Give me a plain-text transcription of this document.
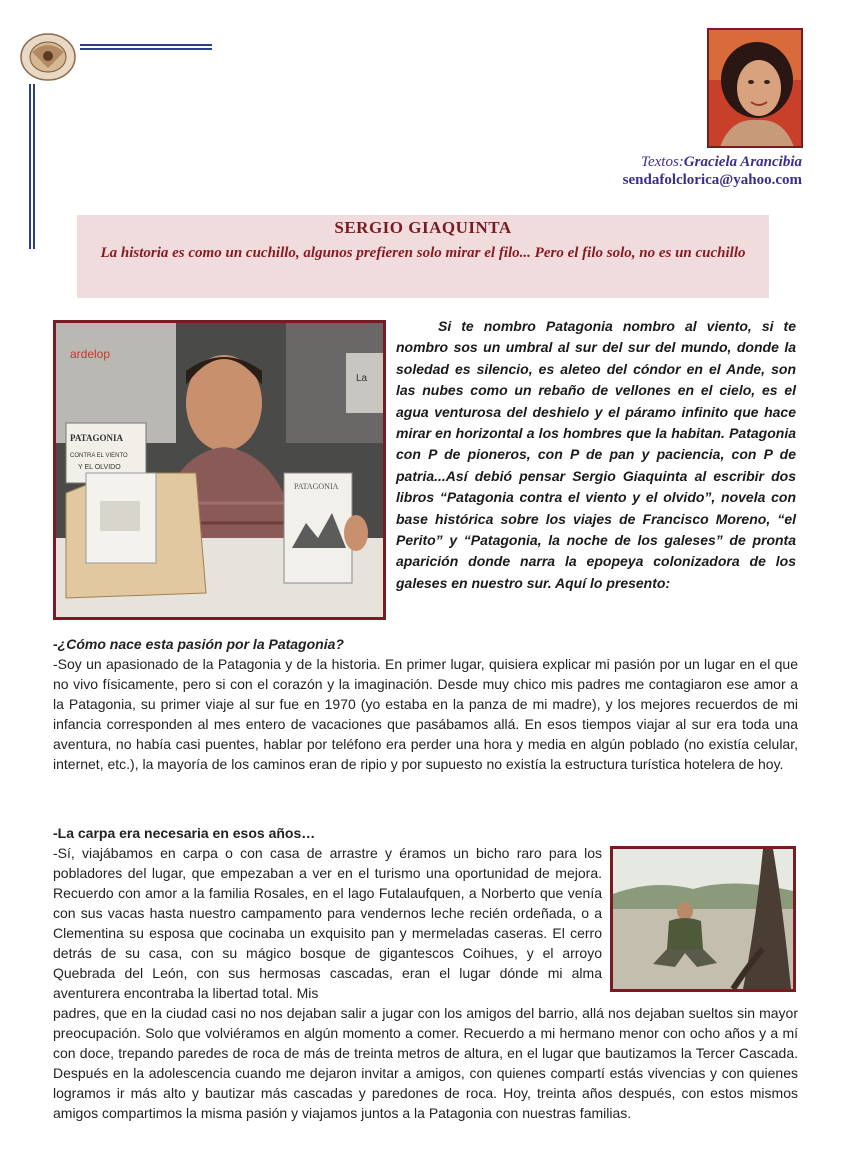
Textos:Graciela Arancibia
sendafolclorica@yahoo.com
SERGIO GIAQUINTA
La historia es como un cuchillo, algunos prefieren solo mirar el filo... Pero el filo solo, no es un cuchillo
ardelop
La
PATAGONIA
CONTRA EL VIENTO
Y EL OLVIDO
PATAGONIA

Si te nombro Patagonia nombro al viento, si te nombro sos un umbral al sur del sur del mundo, donde la soledad es silencio, es aleteo del cóndor en el Ande, son las nubes como un rebaño de vellones en el cielo, es el agua venturosa del deshielo y el páramo infinito que hace mirar en horizontal a los hombres que la habitan. Patagonia con P de pioneros, con P de pan y paciencia, con P de patria...Así debió pensar Sergio Giaquinta al escribir dos libros “Patagonia contra el viento y el olvido”, novela con base histórica sobre los viajes de Francisco Moreno, “el Perito” y “Patagonia, la noche de los galeses” de pronta aparición donde narra la epopeya colonizadora de los galeses en nuestro sur. Aquí lo presento:

-¿Cómo nace esta pasión por la Patagonia?

-Soy un apasionado de la Patagonia y de la historia. En primer lugar, quisiera explicar mi pasión por un lugar en el que no vivo físicamente, pero si con el corazón y la imaginación. Desde muy chico mis padres me contagiaron ese amor a la Patagonia, su primer viaje al sur fue en 1970 (yo estaba en la panza de mi madre), y los mejores recuerdos de mi infancia corresponden al mes entero de vacaciones que pasábamos allá. En esos tiempos viajar al sur era toda una aventura, no había casi puentes, hablar por teléfono era perder una hora y media en algún poblado (no existía celular, internet, etc.), la mayoría de los caminos eran de ripio y por supuesto no existía la estructura turística hotelera de hoy.

-La carpa era necesaria en esos años…

-Sí, viajábamos en carpa o con casa de arrastre y éramos un bicho raro para los pobladores del lugar, que empezaban a ver en el turismo una oportunidad de mejora. Recuerdo con amor a la familia Rosales, en el lago Futalaufquen, a Norberto que venía con sus vacas hasta nuestro campamento para vendernos leche recién ordeñada, o a Clementina su esposa que cocinaba un exquisito pan y mermeladas caseras. El cerro detrás de su casa, con su mágico bosque de gigantescos Coihues, y el arroyo Quebrada del León, con sus hermosas cascadas, eran el lugar dónde mi alma aventurera encontraba la libertad total. Mis

padres, que en la ciudad casi no nos dejaban salir a jugar con los amigos del barrio, allá nos dejaban sueltos sin mayor preocupación. Solo que volviéramos en algún momento a comer. Recuerdo a mi hermano menor con ocho años y a mí con doce, trepando paredes de roca de más de treinta metros de altura, en el lugar que bautizamos la Tercer Cascada. Después en la adolescencia cuando me dejaron invitar a amigos, con quienes compartí estás vivencias y con quienes logramos ir más alto y bautizar más cascadas y paredones de roca. Hoy, treinta años después, con estos mismos amigos compartimos la misma pasión y viajamos juntos a la Patagonia con nuestras familias.
